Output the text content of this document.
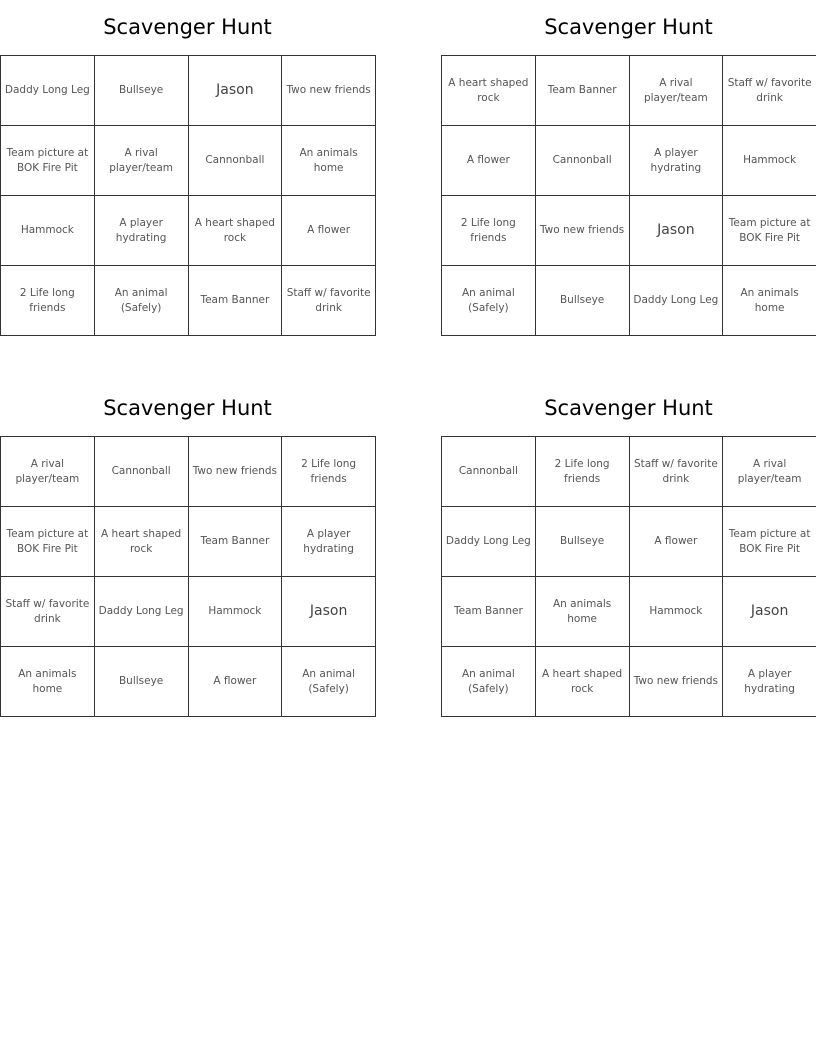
Scavenger Hunt
Daddy Long Leg	Bullseye	Jason	Two new friends
Team picture at BOK Fire Pit	A rival player/team	Cannonball	An animals home
Hammock	A player hydrating	A heart shaped rock	A flower
2 Life long friends	An animal (Safely)	Team Banner	Staff w/ favorite drink
Scavenger Hunt
A heart shaped rock	Team Banner	A rival player/team	Staff w/ favorite drink
A flower	Cannonball	A player hydrating	Hammock
2 Life long friends	Two new friends	Jason	Team picture at BOK Fire Pit
An animal (Safely)	Bullseye	Daddy Long Leg	An animals home
Scavenger Hunt
A rival player/team	Cannonball	Two new friends	2 Life long friends
Team picture at BOK Fire Pit	A heart shaped rock	Team Banner	A player hydrating
Staff w/ favorite drink	Daddy Long Leg	Hammock	Jason
An animals home	Bullseye	A flower	An animal (Safely)
Scavenger Hunt
Cannonball	2 Life long friends	Staff w/ favorite drink	A rival player/team
Daddy Long Leg	Bullseye	A flower	Team picture at BOK Fire Pit
Team Banner	An animals home	Hammock	Jason
An animal (Safely)	A heart shaped rock	Two new friends	A player hydrating
